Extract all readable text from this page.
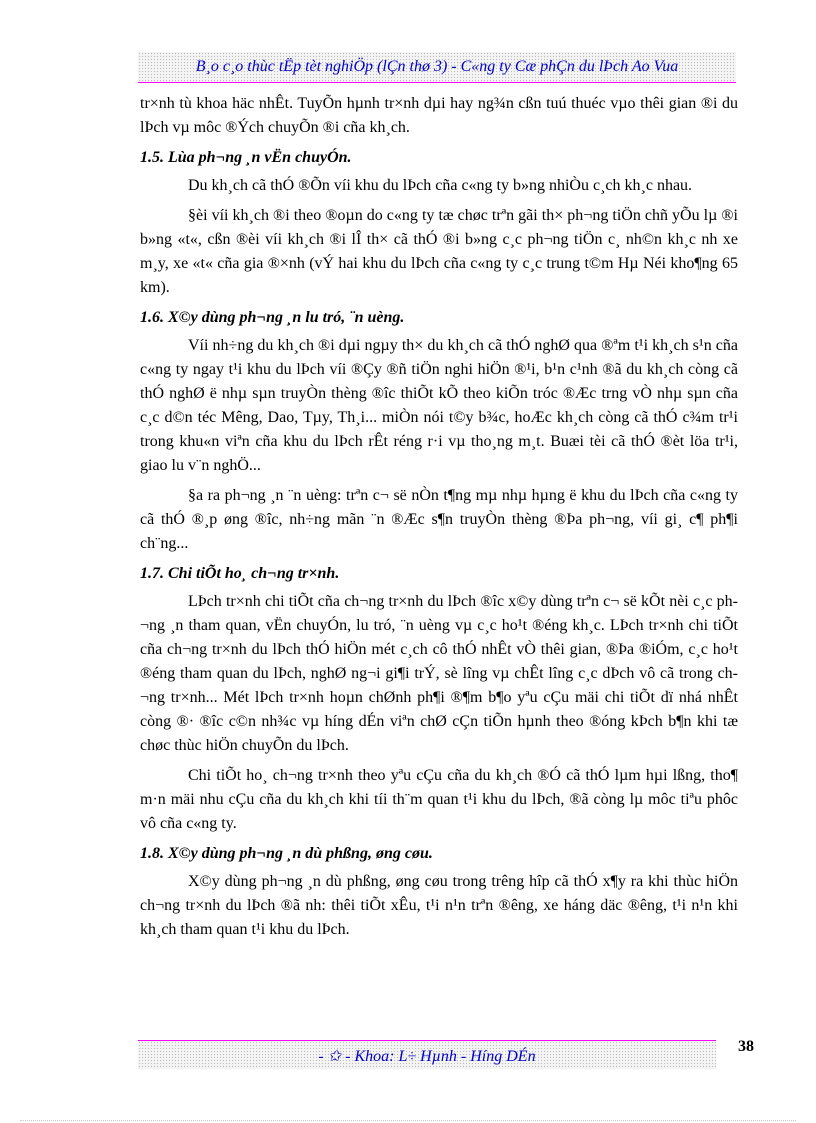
B¸o c¸o thùc tËp tèt nghiÖp (lÇn thø 3) - C«ng ty Cæ phÇn du lÞch Ao Vua

tr×nh tù khoa häc nhÊt. TuyÕn hµnh tr×nh dµi hay ng¾n cßn tuú thuéc vµo thêi gian ®i du lÞch vµ môc ®Ých chuyÕn ®i cña kh¸ch.

1.5. Lùa ph¬ng ¸n vËn chuyÓn.

Du kh¸ch cã thÓ ®Õn víi khu du lÞch cña c«ng ty b»ng nhiÒu c¸ch kh¸c nhau.

§èi víi kh¸ch ®i theo ®oµn do c«ng ty tæ chøc trªn gãi th× ph¬ng tiÖn chñ yÕu lµ ®i b»ng «t«, cßn ®èi víi kh¸ch ®i lÎ th× cã thÓ ®i b»ng c¸c ph¬ng tiÖn c¸ nh©n kh¸c nh xe m¸y, xe «t« cña gia ®×nh (vÝ hai khu du lÞch cña c«ng ty c¸c trung t©m Hµ Néi kho¶ng 65 km).

1.6. X©y dùng ph¬ng ¸n lu tró, ¨n uèng.

Víi nh÷ng du kh¸ch ®i dµi ngµy th× du kh¸ch cã thÓ nghØ qua ®ªm t¹i kh¸ch s¹n cña c«ng ty ngay t¹i khu du lÞch víi ®Çy ®ñ tiÖn nghi hiÖn ®¹i, b¹n c¹nh ®ã du kh¸ch còng cã thÓ nghØ ë nhµ sµn truyÒn thèng ®îc thiÕt kÕ theo kiÕn tróc ®Æc trng vÒ nhµ sµn cña c¸c d©n téc Mêng, Dao, Tµy, Th¸i... miÒn nói t©y b¾c, hoÆc kh¸ch còng cã thÓ c¾m tr¹i trong khu«n viªn cña khu du lÞch rÊt réng r·i vµ tho¸ng m¸t. Buæi tèi cã thÓ ®èt löa tr¹i, giao lu v¨n nghÖ...

§a ra ph¬ng ¸n ¨n uèng: trªn c¬ së nÒn t¶ng mµ nhµ hµng ë khu du lÞch cña c«ng ty cã thÓ ®¸p øng ®îc, nh÷ng mãn ¨n ®Æc s¶n truyÒn thèng ®Þa ph¬ng, víi gi¸ c¶ ph¶i ch¨ng...

1.7. Chi tiÕt ho¸ ch¬ng tr×nh.

LÞch tr×nh chi tiÕt cña ch¬ng tr×nh du lÞch ®îc x©y dùng trªn c¬ së kÕt nèi c¸c ph¬ng ¸n tham quan, vËn chuyÓn, lu tró, ¨n uèng vµ c¸c ho¹t ®éng kh¸c. LÞch tr×nh chi tiÕt cña ch¬ng tr×nh du lÞch thÓ hiÖn mét c¸ch cô thÓ nhÊt vÒ thêi gian, ®Þa ®iÓm, c¸c ho¹t ®éng tham quan du lÞch, nghØ ng¬i gi¶i trÝ, sè lîng vµ chÊt lîng c¸c dÞch vô cã trong ch¬ng tr×nh... Mét lÞch tr×nh hoµn chØnh ph¶i ®¶m b¶o yªu cÇu mäi chi tiÕt dï nhá nhÊt còng ®· ®îc c©n nh¾c vµ híng dÉn viªn chØ cÇn tiÕn hµnh theo ®óng kÞch b¶n khi tæ chøc thùc hiÖn chuyÕn du lÞch.

Chi tiÕt ho¸ ch¬ng tr×nh theo yªu cÇu cña du kh¸ch ®Ó cã thÓ lµm hµi lßng, tho¶ m·n mäi nhu cÇu cña du kh¸ch khi tíi th¨m quan t¹i khu du lÞch, ®ã còng lµ môc tiªu phôc vô cña c«ng ty.

1.8. X©y dùng ph¬ng ¸n dù phßng, øng cøu.

X©y dùng ph¬ng ¸n dù phßng, øng cøu trong trêng hîp cã thÓ x¶y ra khi thùc hiÖn ch¬ng tr×nh du lÞch ®ã nh: thêi tiÕt xÊu, t¹i n¹n trªn ®êng, xe háng däc ®êng, t¹i n¹n khi kh¸ch tham quan t¹i khu du lÞch.

- ✩ - Khoa: L÷ Hµnh - Híng DÉn
38
